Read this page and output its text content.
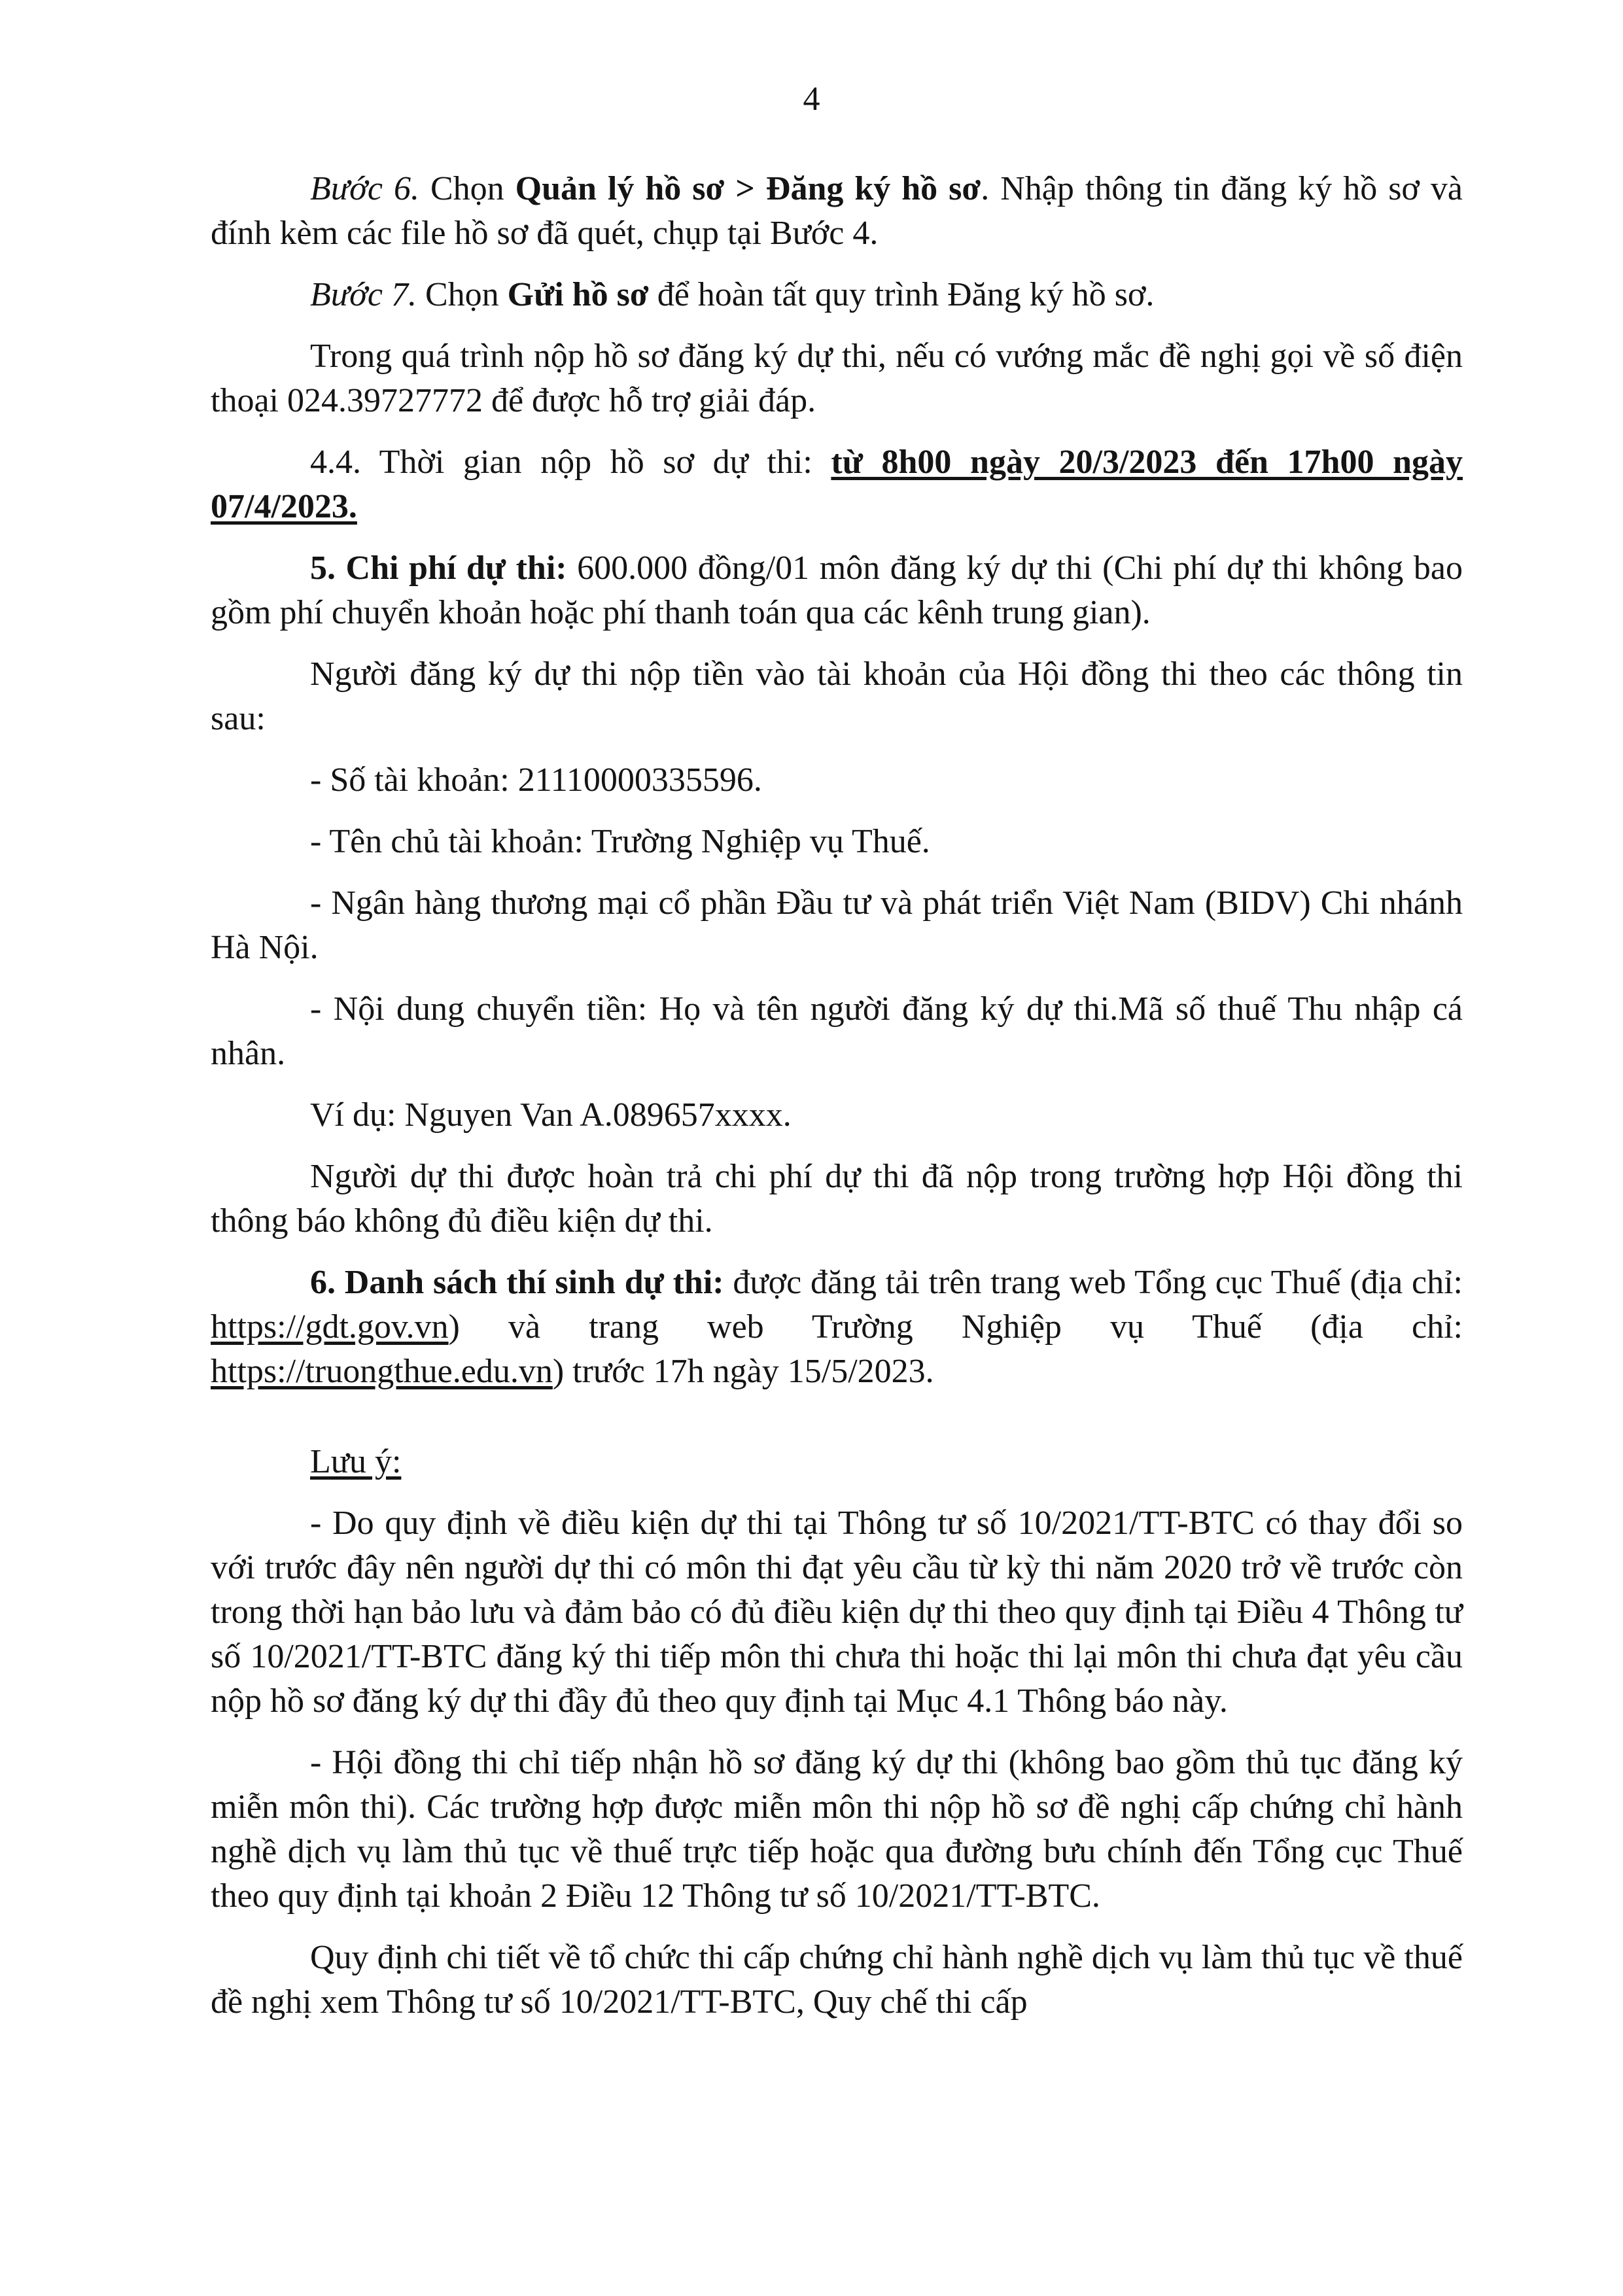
4

Bước 6. Chọn Quản lý hồ sơ > Đăng ký hồ sơ. Nhập thông tin đăng ký hồ sơ và đính kèm các file hồ sơ đã quét, chụp tại Bước 4.

Bước 7. Chọn Gửi hồ sơ để hoàn tất quy trình Đăng ký hồ sơ.

Trong quá trình nộp hồ sơ đăng ký dự thi, nếu có vướng mắc đề nghị gọi về số điện thoại 024.39727772 để được hỗ trợ giải đáp.

4.4. Thời gian nộp hồ sơ dự thi: từ 8h00 ngày 20/3/2023 đến 17h00 ngày 07/4/2023.

5. Chi phí dự thi: 600.000 đồng/01 môn đăng ký dự thi (Chi phí dự thi không bao gồm phí chuyển khoản hoặc phí thanh toán qua các kênh trung gian).

Người đăng ký dự thi nộp tiền vào tài khoản của Hội đồng thi theo các thông tin sau:

- Số tài khoản: 21110000335596.

- Tên chủ tài khoản: Trường Nghiệp vụ Thuế.

- Ngân hàng thương mại cổ phần Đầu tư và phát triển Việt Nam (BIDV) Chi nhánh Hà Nội.

- Nội dung chuyển tiền: Họ và tên người đăng ký dự thi.Mã số thuế Thu nhập cá nhân.

Ví dụ: Nguyen Van A.089657xxxx.

Người dự thi được hoàn trả chi phí dự thi đã nộp trong trường hợp Hội đồng thi thông báo không đủ điều kiện dự thi.

6. Danh sách thí sinh dự thi: được đăng tải trên trang web Tổng cục Thuế (địa chỉ: https://gdt.gov.vn) và trang web Trường Nghiệp vụ Thuế (địa chỉ: https://truongthue.edu.vn) trước 17h ngày 15/5/2023.

Lưu ý:

- Do quy định về điều kiện dự thi tại Thông tư số 10/2021/TT-BTC có thay đổi so với trước đây nên người dự thi có môn thi đạt yêu cầu từ kỳ thi năm 2020 trở về trước còn trong thời hạn bảo lưu và đảm bảo có đủ điều kiện dự thi theo quy định tại Điều 4 Thông tư số 10/2021/TT-BTC đăng ký thi tiếp môn thi chưa thi hoặc thi lại môn thi chưa đạt yêu cầu nộp hồ sơ đăng ký dự thi đầy đủ theo quy định tại Mục 4.1 Thông báo này.

- Hội đồng thi chỉ tiếp nhận hồ sơ đăng ký dự thi (không bao gồm thủ tục đăng ký miễn môn thi). Các trường hợp được miễn môn thi nộp hồ sơ đề nghị cấp chứng chỉ hành nghề dịch vụ làm thủ tục về thuế trực tiếp hoặc qua đường bưu chính đến Tổng cục Thuế theo quy định tại khoản 2 Điều 12 Thông tư số 10/2021/TT-BTC.

Quy định chi tiết về tổ chức thi cấp chứng chỉ hành nghề dịch vụ làm thủ tục về thuế đề nghị xem Thông tư số 10/2021/TT-BTC, Quy chế thi cấp
